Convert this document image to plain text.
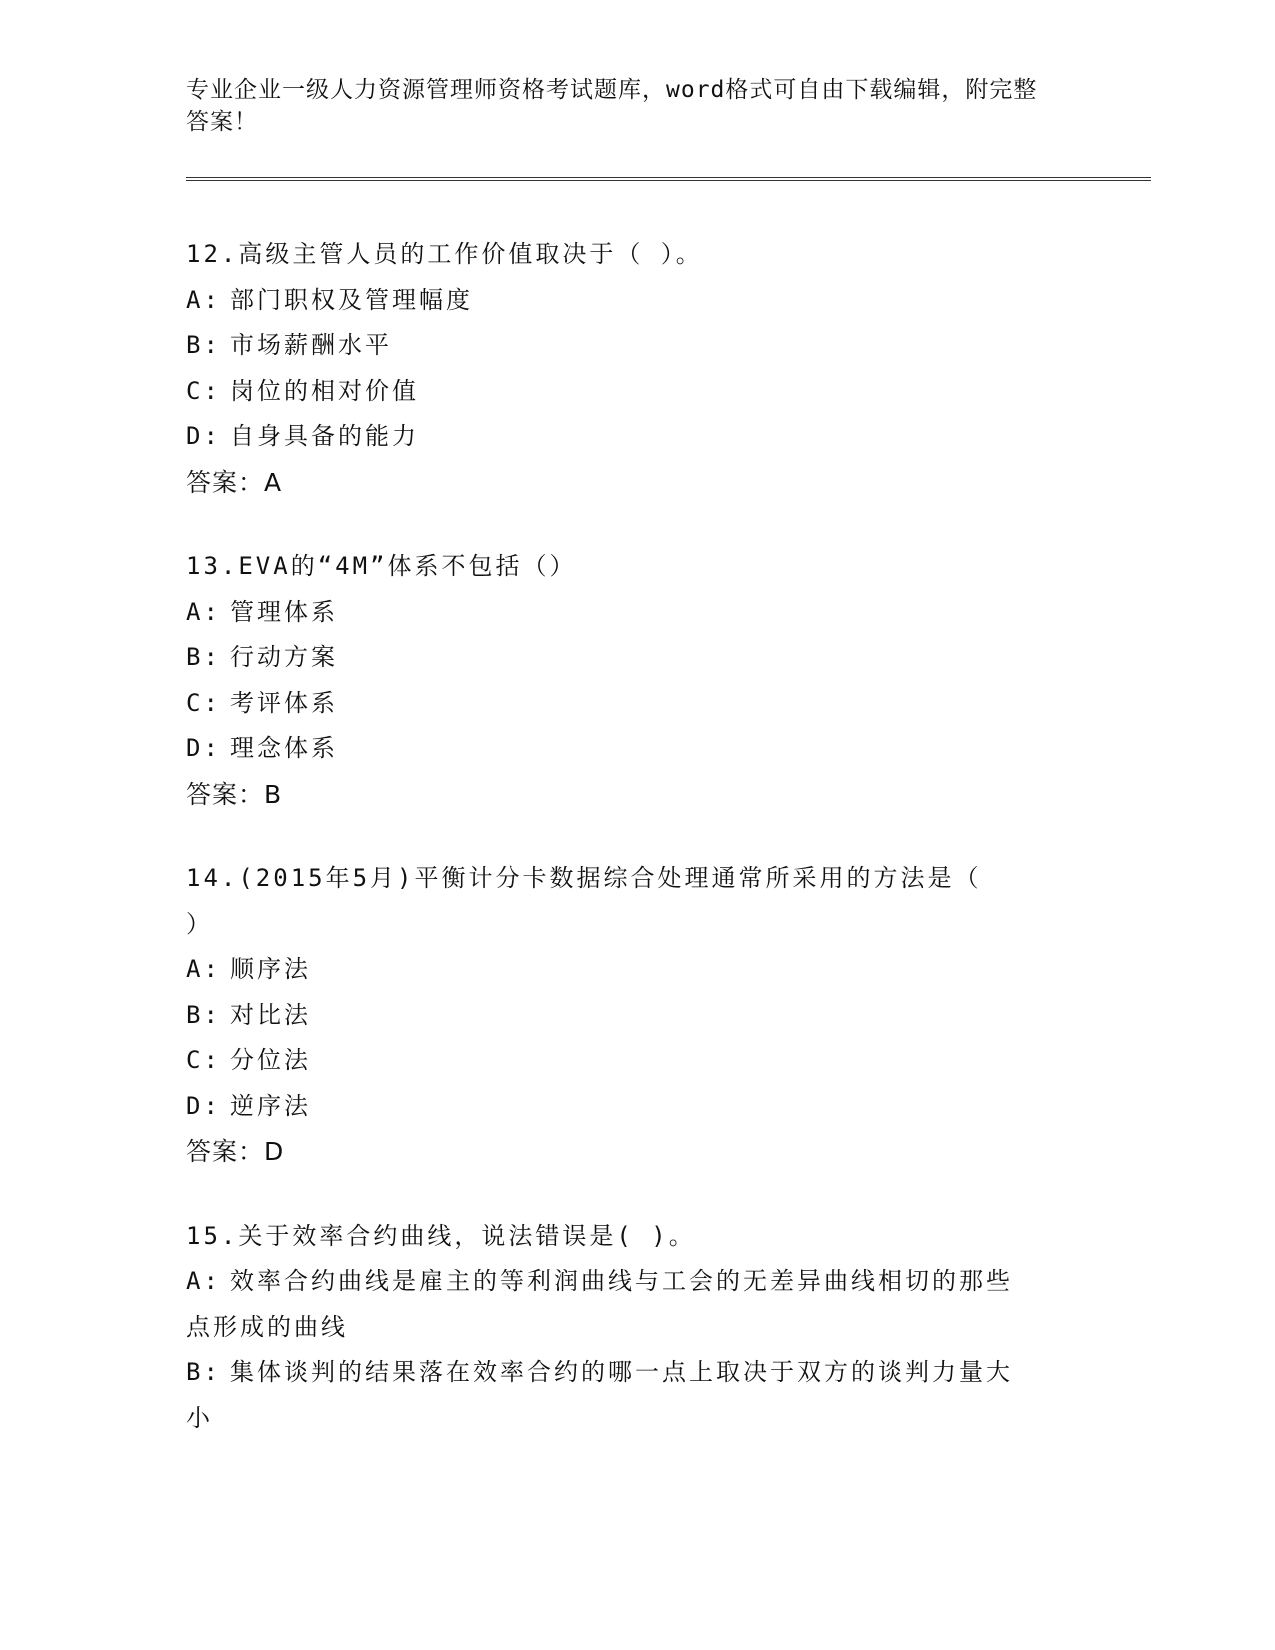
专业企业一级人力资源管理师资格考试题库，word格式可自由下载编辑，附完整
答案！
12.高级主管人员的工作价值取决于（ ）。
A: 部门职权及管理幅度
B: 市场薪酬水平
C: 岗位的相对价值
D: 自身具备的能力
答案：A
13.EVA的“4M”体系不包括（）
A: 管理体系
B: 行动方案
C: 考评体系
D: 理念体系
答案：B
14.(2015年5月)平衡计分卡数据综合处理通常所采用的方法是（
）
A: 顺序法
B: 对比法
C: 分位法
D: 逆序法
答案：D
15.关于效率合约曲线，说法错误是( )。
A: 效率合约曲线是雇主的等利润曲线与工会的无差异曲线相切的那些
点形成的曲线
B: 集体谈判的结果落在效率合约的哪一点上取决于双方的谈判力量大
小
